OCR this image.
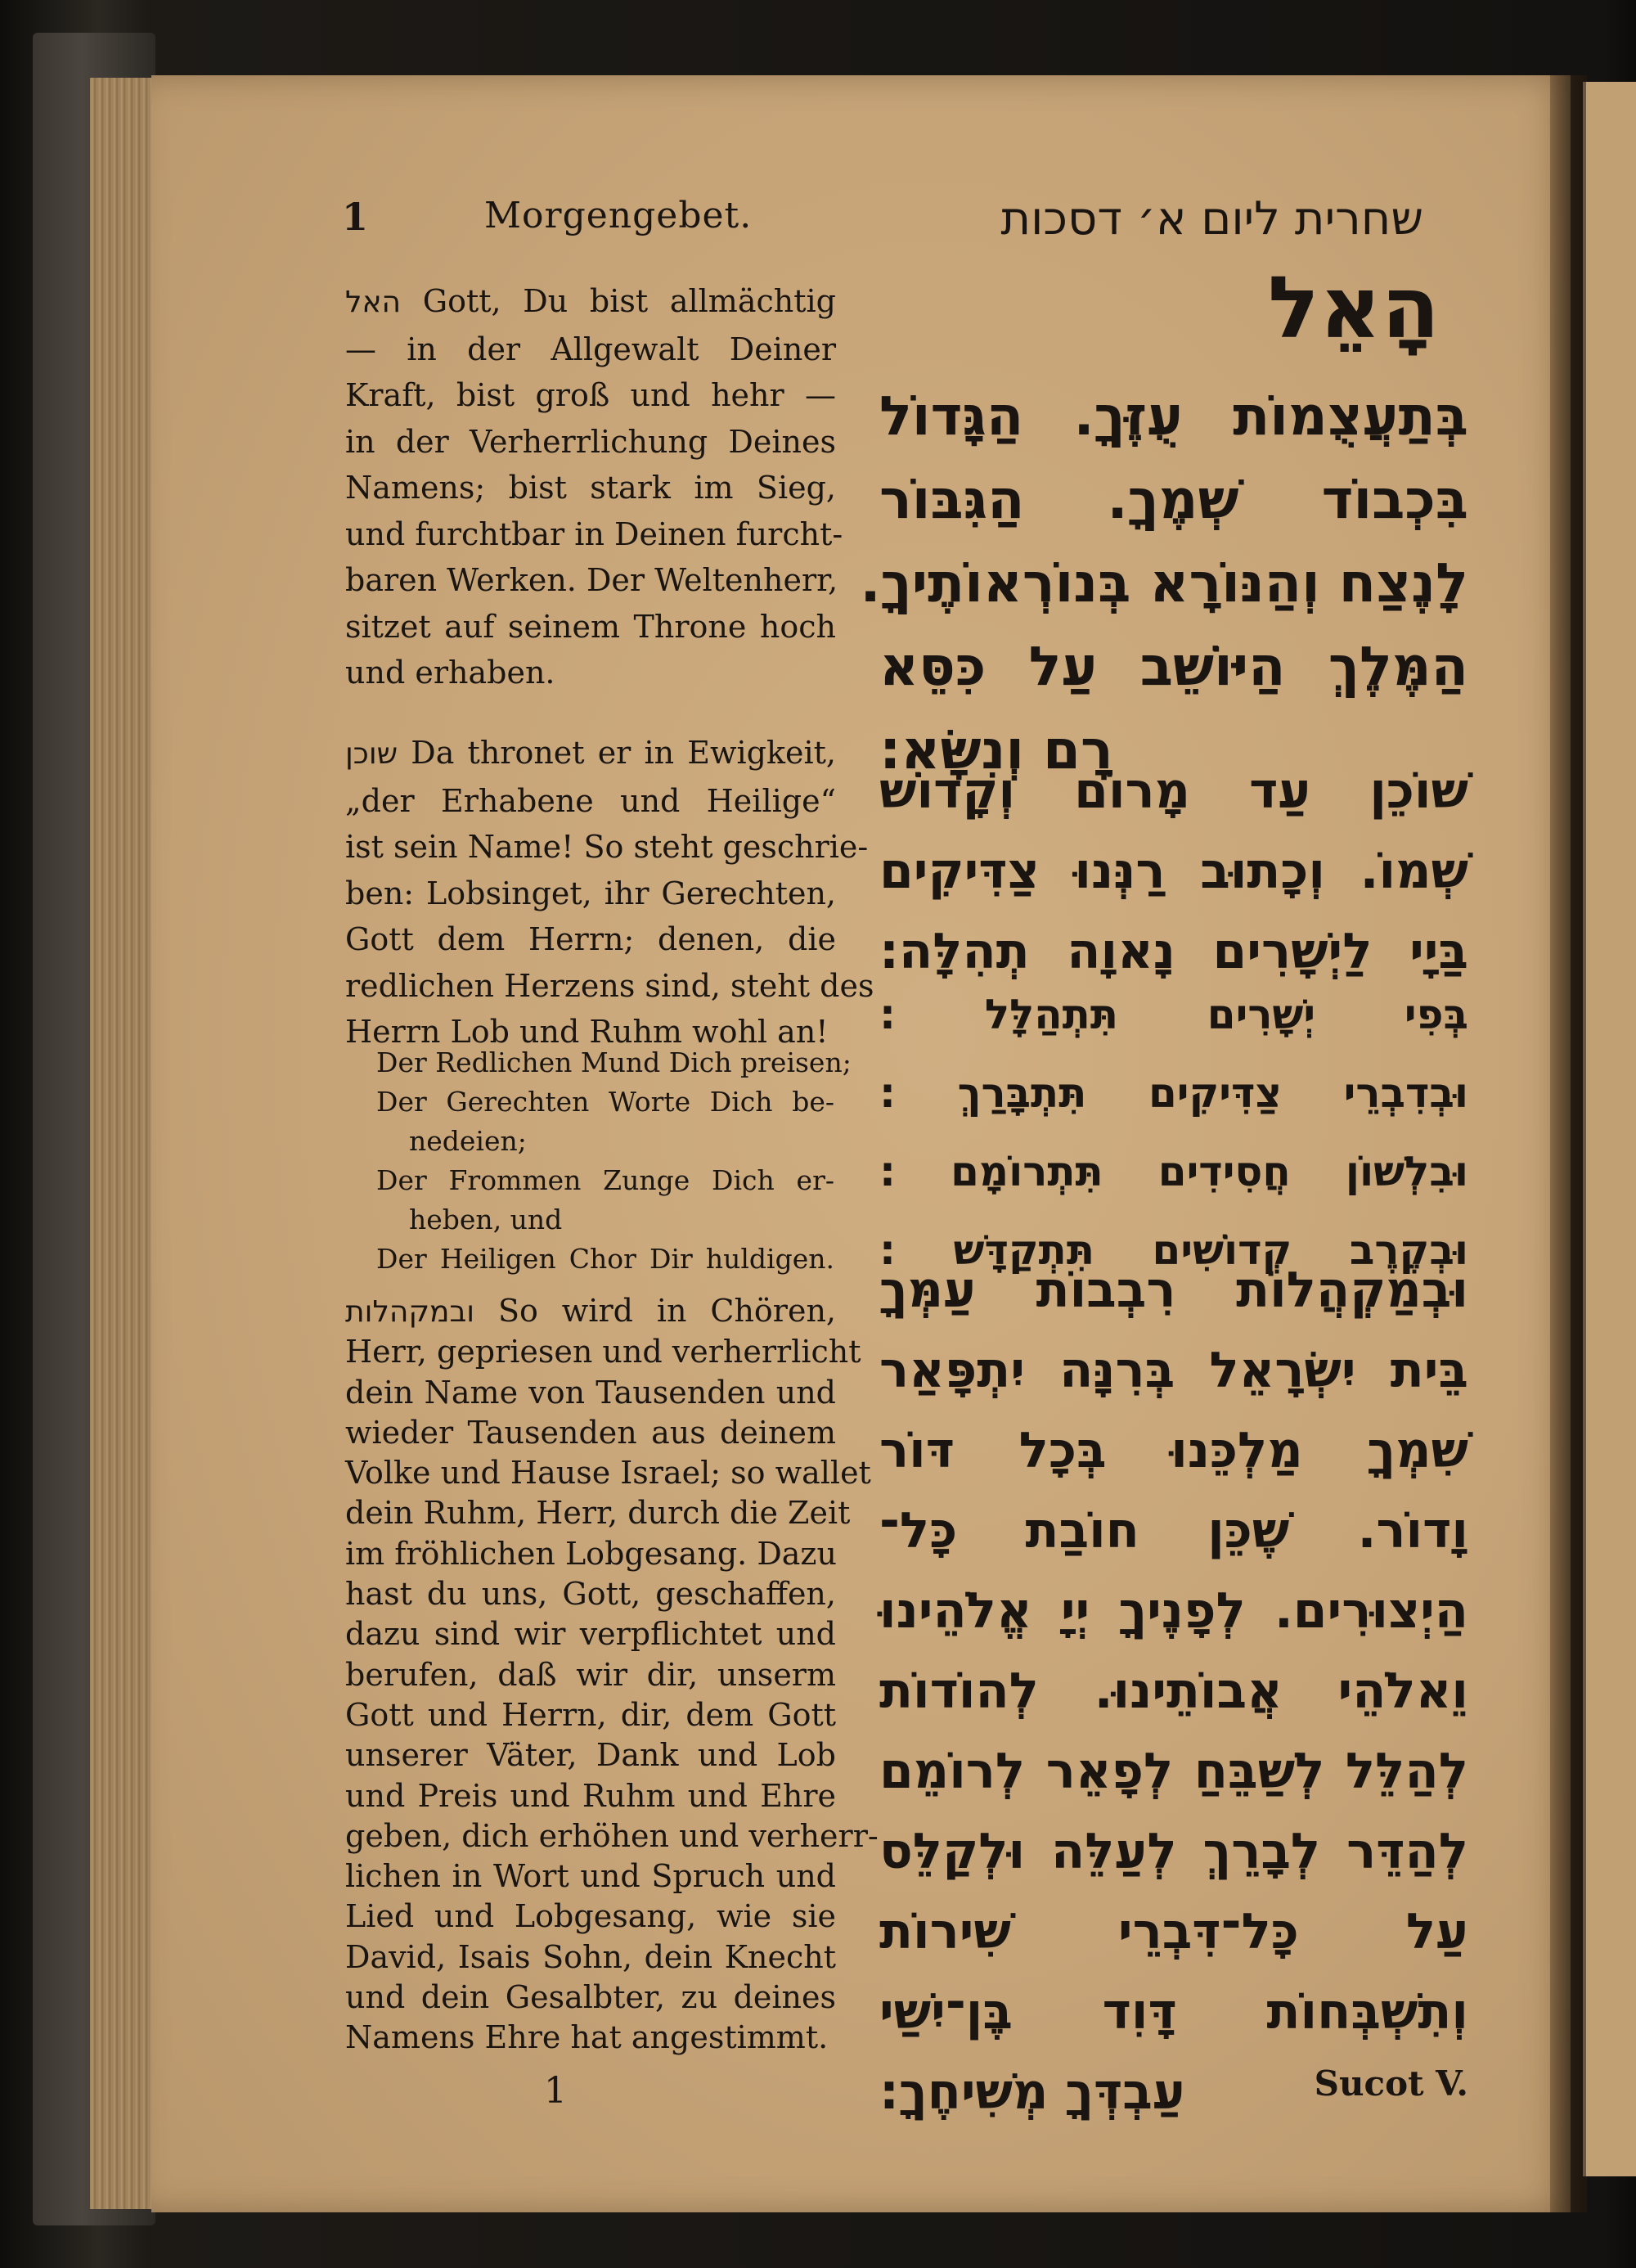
1	Morgengebet.	שחרית ליום א׳ דסכות
האל Gott, Du bist allmächtig
— in der Allgewalt Deiner
Kraft, bist groß und hehr —
in der Verherrlichung Deines
Namens; bist stark im Sieg,
und furchtbar in Deinen furcht-
baren Werken. Der Weltenherr,
sitzet auf seinem Throne hoch
und erhaben.
שוכן Da thronet er in Ewigkeit,
„der Erhabene und Heilige“
ist sein Name! So steht geschrie-
ben: Lobsinget, ihr Gerechten,
Gott dem Herrn; denen, die
redlichen Herzens sind, steht des
Herrn Lob und Ruhm wohl an!
Der Redlichen Mund Dich preisen;
Der Gerechten Worte Dich be-
nedeien;
Der Frommen Zunge Dich er-
heben, und
Der Heiligen Chor Dir huldigen.
ובמקהלות So wird in Chören,
Herr, gepriesen und verherrlicht
dein Name von Tausenden und
wieder Tausenden aus deinem
Volke und Hause Israel; so wallet
dein Ruhm, Herr, durch die Zeit
im fröhlichen Lobgesang. Dazu
hast du uns, Gott, geschaffen,
dazu sind wir verpflichtet und
berufen, daß wir dir, unserm
Gott und Herrn, dir, dem Gott
unserer Väter, Dank und Lob
und Preis und Ruhm und Ehre
geben, dich erhöhen und verherr-
lichen in Wort und Spruch und
Lied und Lobgesang, wie sie
David, Isais Sohn, dein Knecht
und dein Gesalbter, zu deines
Namens Ehre hat angestimmt.
הָאֵל
בְּתַעֲצֻמוֹת עֻזֶּךָ. הַגָּדוֹל
בִּכְבוֹד שְׁמֶךָ. הַגִּבּוֹר
לָנֶצַח וְהַנּוֹרָא בְּנוֹרְאוֹתֶיךָ.
הַמֶּלֶךְ הַיּוֹשֵׁב עַל כִּסֵּא
רָם וְנִשָּׂא:
שׁוֹכֵן עַד מָרוֹם וְקָדוֹשׁ
שְׁמוֹ. וְכָתוּב רַנְּנוּ צַדִּיקִים
בַּיָי לַיְשָׁרִים נָאוָה תְהִלָּה:
בְּפִי יְשָׁרִים תִּתְהַלָּל :
וּבְדִבְרֵי צַדִּיקִים תִּתְבָּרַךְ :
וּבִלְשׁוֹן חֲסִידִים תִּתְרוֹמָם :
וּבְקֶרֶב קְדוֹשִׁים תִּתְקַדָּשׁ :
וּבְמַקְהֲלוֹת רִבְבוֹת עַמְּךָ
בֵּית יִשְׂרָאֵל בְּרִנָּה יִתְפָּאַר
שִׁמְךָ מַלְכֵּנוּ בְּכָל דּוֹר
וָדוֹר. שֶׁכֵּן חוֹבַת כָּל־
הַיְצוּרִים. לְפָנֶיךָ יְיָ אֱלֹהֵינוּ
וֵאלֹהֵי אֲבוֹתֵינוּ. לְהוֹדוֹת
לְהַלֵּל לְשַׁבֵּחַ לְפָאֵר לְרוֹמֵם
לְהַדֵּר לְבָרֵךְ לְעַלֵּה וּלְקַלֵּס
עַל כָּל־דִּבְרֵי שִׁירוֹת
וְתִשְׁבְּחוֹת דָּוִד בֶּן־יִשַׁי
עַבְדְּךָ מְשִׁיחֶךָ:
1	Sucot V.
